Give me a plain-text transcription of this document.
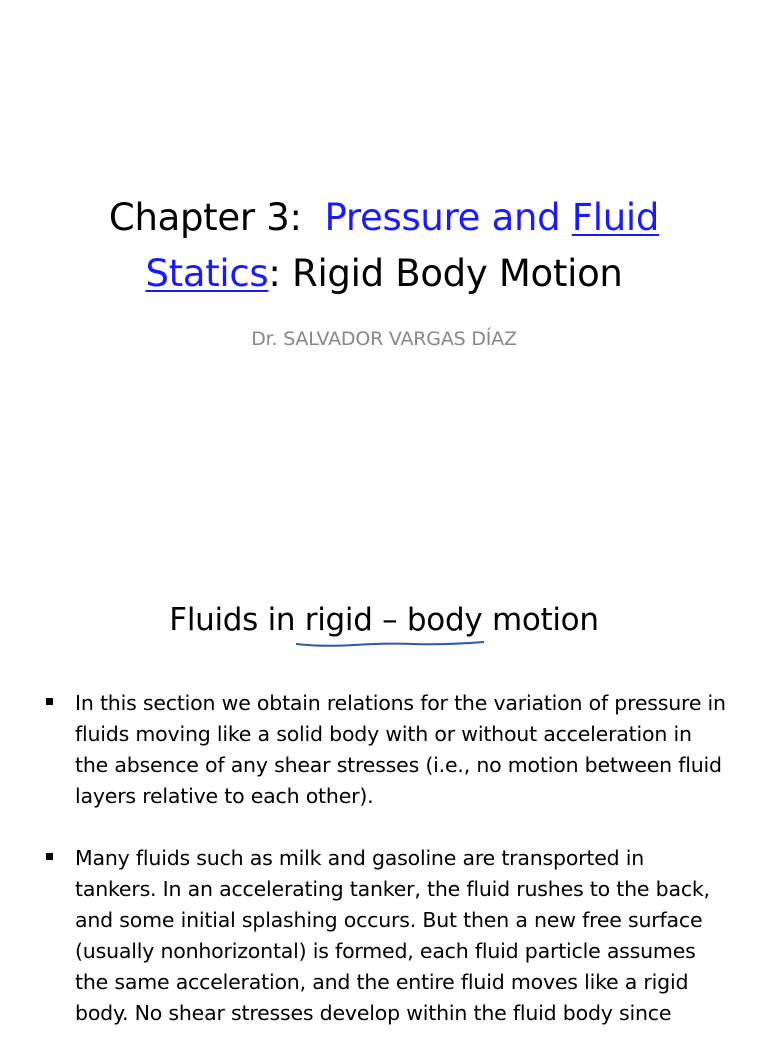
Chapter 3:  Pressure and Fluid
Statics: Rigid Body Motion
Dr. SALVADOR VARGAS DÍAZ
Fluids in rigid – body motion
In this section we obtain relations for the variation of pressure in fluids moving like a solid body with or without acceleration in the absence of any shear stresses (i.e., no motion between fluid layers relative to each other).
Many fluids such as milk and gasoline are transported in tankers. In an accelerating tanker, the fluid rushes to the back, and some initial splashing occurs. But then a new free surface (usually nonhorizontal) is formed, each fluid particle assumes the same acceleration, and the entire fluid moves like a rigid body. No shear stresses develop within the fluid body since
